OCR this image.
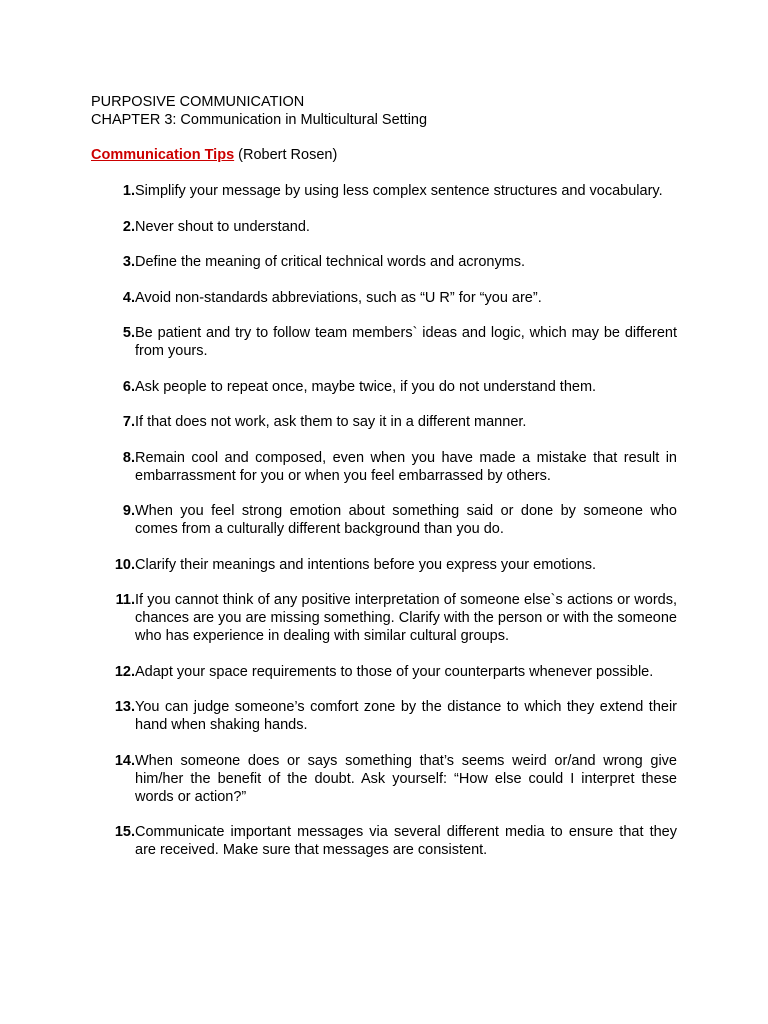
PURPOSIVE COMMUNICATION
CHAPTER 3: Communication in Multicultural Setting
Communication Tips (Robert Rosen)
1. Simplify your message by using less complex sentence structures and vocabulary.
2. Never shout to understand.
3. Define the meaning of critical technical words and acronyms.
4. Avoid non-standards abbreviations, such as “U R” for “you are”.
5. Be patient and try to follow team members` ideas and logic, which may be different from yours.
6. Ask people to repeat once, maybe twice, if you do not understand them.
7. If that does not work, ask them to say it in a different manner.
8. Remain cool and composed, even when you have made a mistake that result in embarrassment for you or when you feel embarrassed by others.
9. When you feel strong emotion about something said or done by someone who comes from a culturally different background than you do.
10. Clarify their meanings and intentions before you express your emotions.
11. If you cannot think of any positive interpretation of someone else`s actions or words, chances are you are missing something. Clarify with the person or with the someone who has experience in dealing with similar cultural groups.
12. Adapt your space requirements to those of your counterparts whenever possible.
13. You can judge someone’s comfort zone by the distance to which they extend their hand when shaking hands.
14. When someone does or says something that’s seems weird or/and wrong give him/her the benefit of the doubt. Ask yourself: “How else could I interpret these words or action?”
15. Communicate important messages via several different media to ensure that they are received. Make sure that messages are consistent.
